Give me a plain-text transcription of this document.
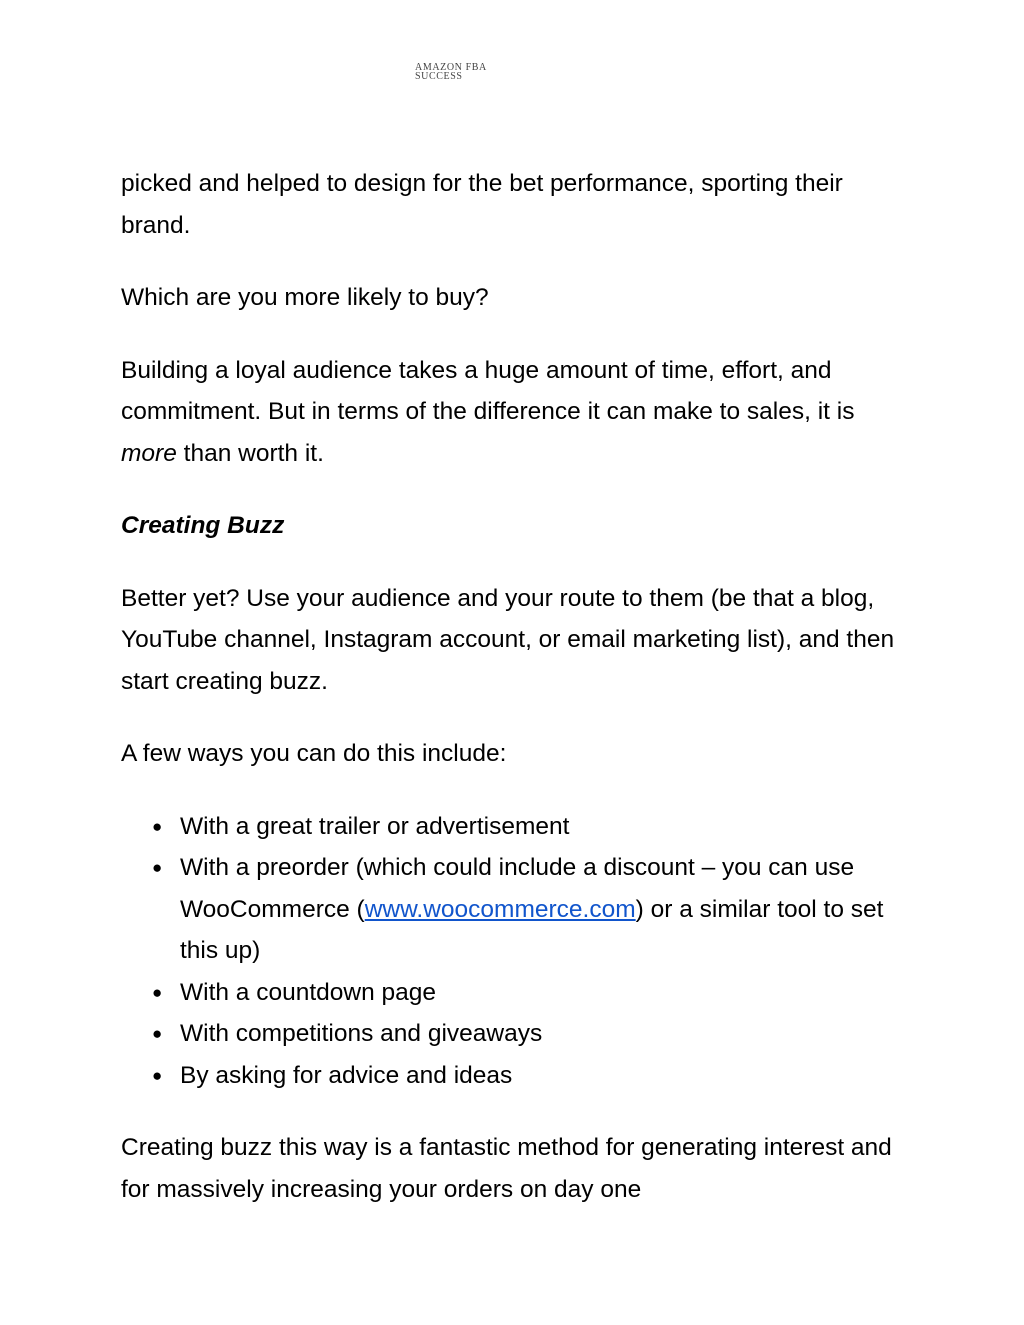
AMAZON FBA
SUCCESS

picked and helped to design for the bet performance, sporting their brand.

Which are you more likely to buy?

Building a loyal audience takes a huge amount of time, effort, and commitment. But in terms of the difference it can make to sales, it is more than worth it.

Creating Buzz

Better yet? Use your audience and your route to them (be that a blog, YouTube channel, Instagram account, or email marketing list), and then start creating buzz.

A few ways you can do this include:

● With a great trailer or advertisement
● With a preorder (which could include a discount – you can use WooCommerce (www.woocommerce.com) or a similar tool to set this up)
● With a countdown page
● With competitions and giveaways
● By asking for advice and ideas

Creating buzz this way is a fantastic method for generating interest and for massively increasing your orders on day one
